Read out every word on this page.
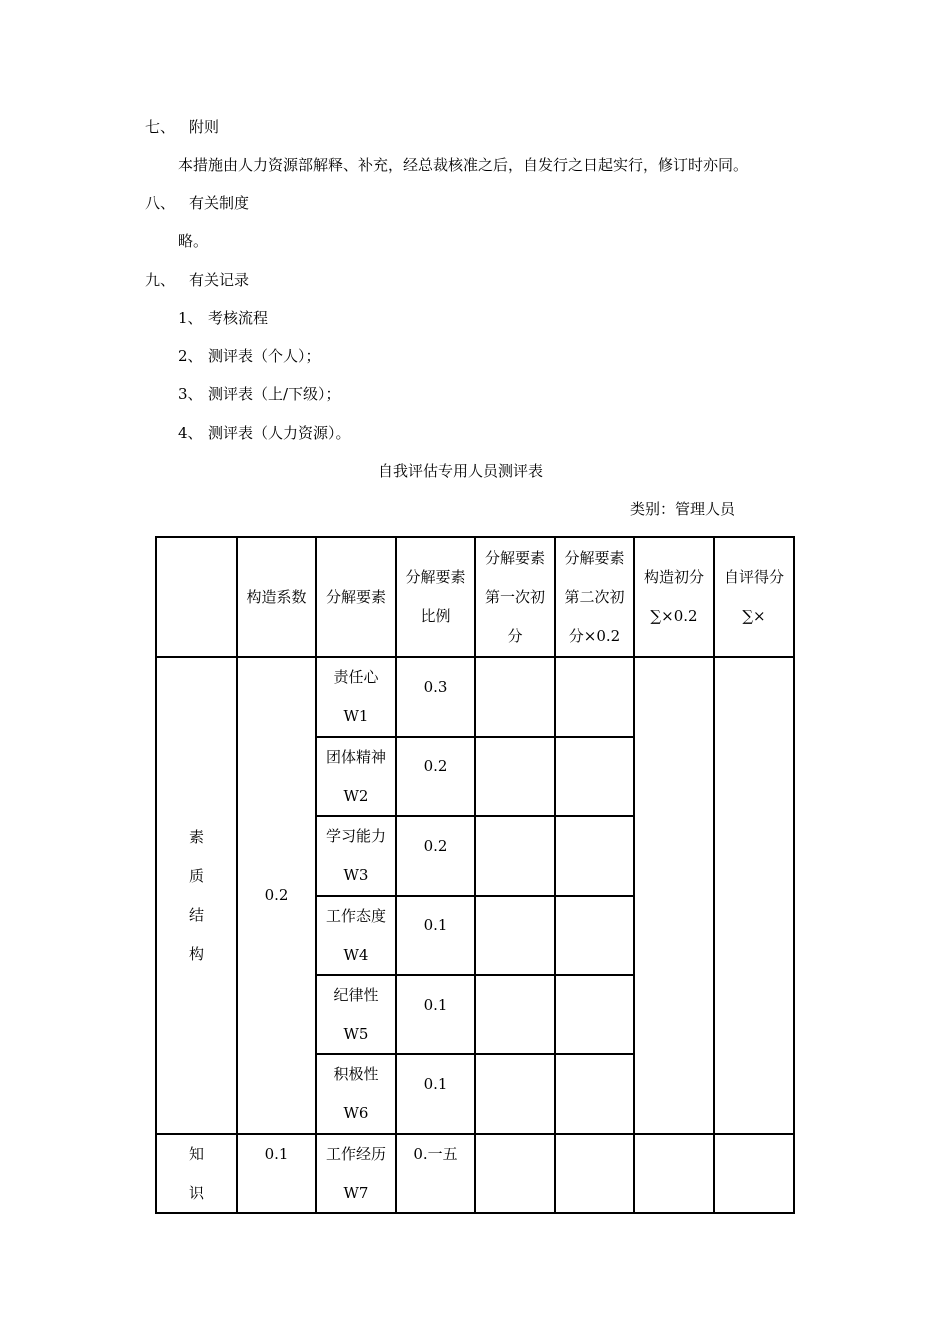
七、 附则
本措施由人力资源部解释、补充，经总裁核准之后，自发行之日起实行，修订时亦同。
八、 有关制度
略。
九、 有关记录
1、 考核流程
2、 测评表（个人）；
3、 测评表（上/下级）；
4、 测评表（人力资源）。
自我评估专用人员测评表
类别：管理人员
构造系数	分解要素
分解要素
比例
分解要素
第一次初
分
分解要素
第二次初
分×0.2
构造初分
∑×0.2
自评得分
∑×
素
质
结
构
0.2
责任心
W1
0.3
团体精神
W2
0.2
学习能力
W3
0.2
工作态度
W4
0.1
纪律性
W5
0.1
积极性
W6
0.1
知
识
0.1	工作经历
W7
0.一五
